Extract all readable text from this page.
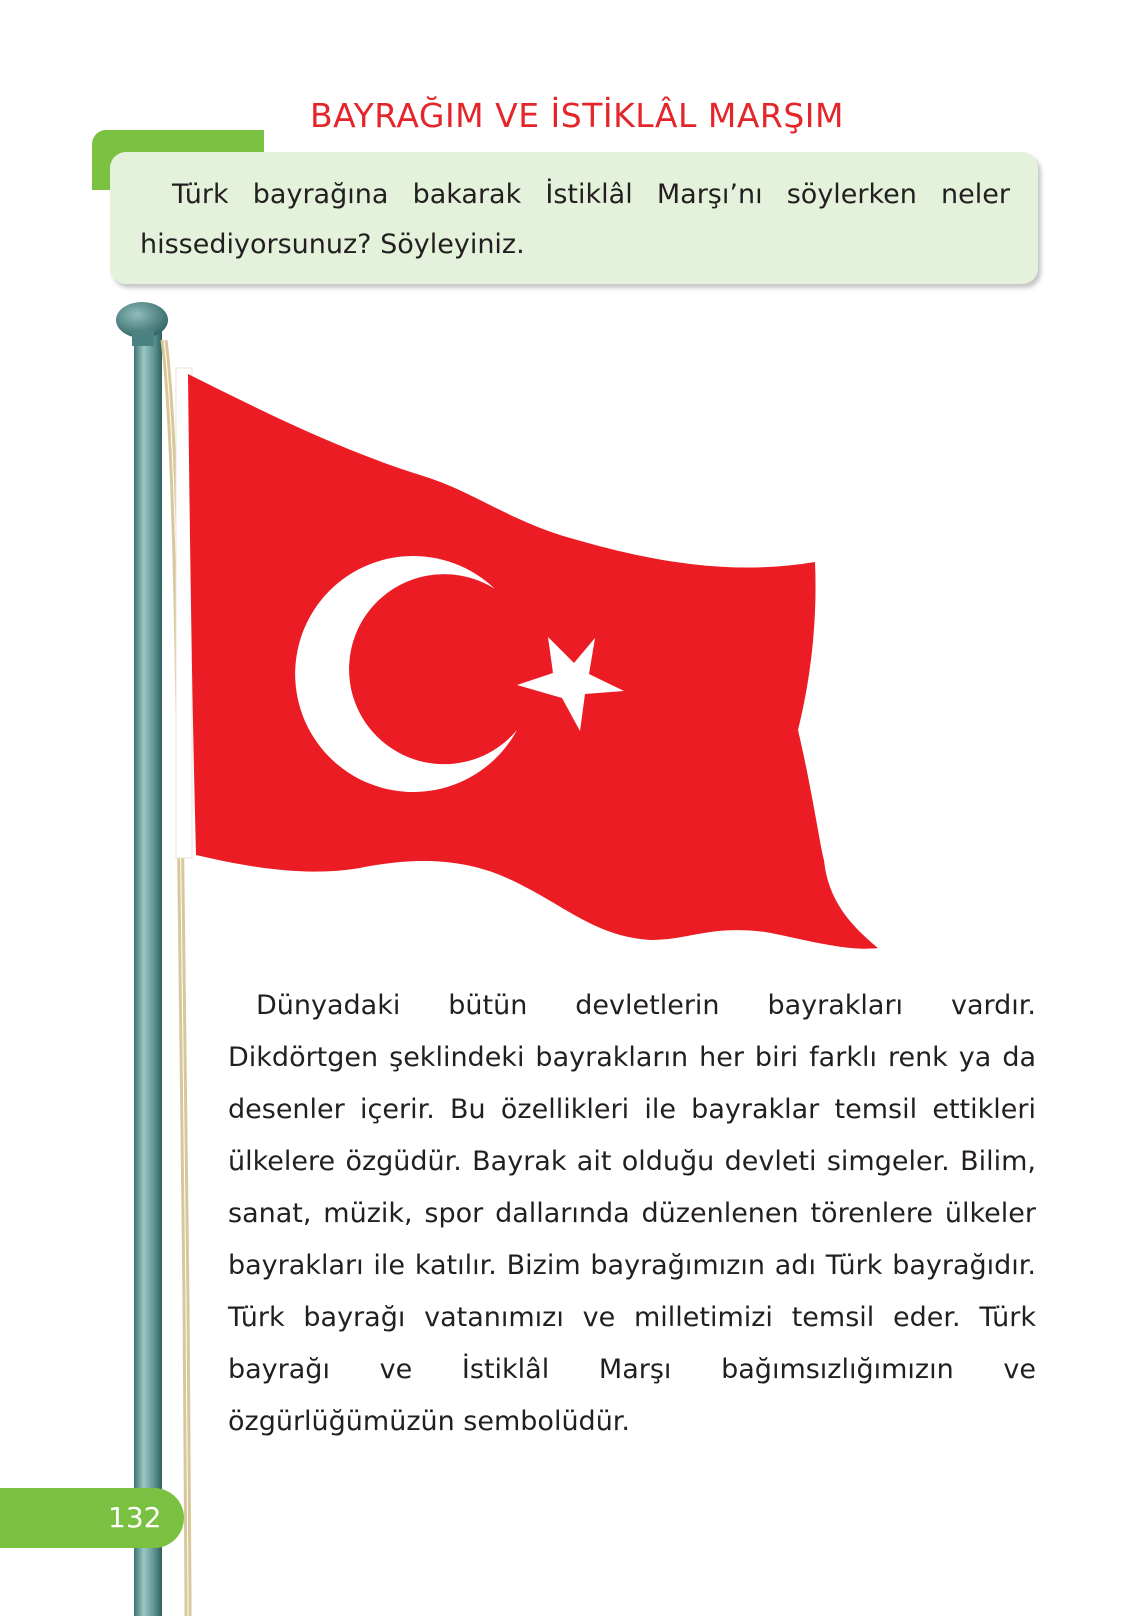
BAYRAĞIM VE İSTİKLÂL MARŞIM
Türk bayrağına bakarak İstiklâl Marşı’nı söylerken neler hissediyorsunuz? Söyleyiniz.
Dünyadaki bütün devletlerin bayrakları vardır. Dikdörtgen şeklindeki bayrakların her biri farklı renk ya da desenler içerir. Bu özellikleri ile bayraklar temsil ettikleri ülkelere özgüdür. Bayrak ait olduğu devleti simgeler. Bilim, sanat, müzik, spor dallarında düzenlenen törenlere ülkeler bayrakları ile katılır. Bizim bayrağımızın adı Türk bayrağıdır. Türk bayrağı vatanımızı ve milletimizi temsil eder. Türk bayrağı ve İstiklâl Marşı bağımsızlığımızın ve özgürlüğümüzün sembolüdür.
132
